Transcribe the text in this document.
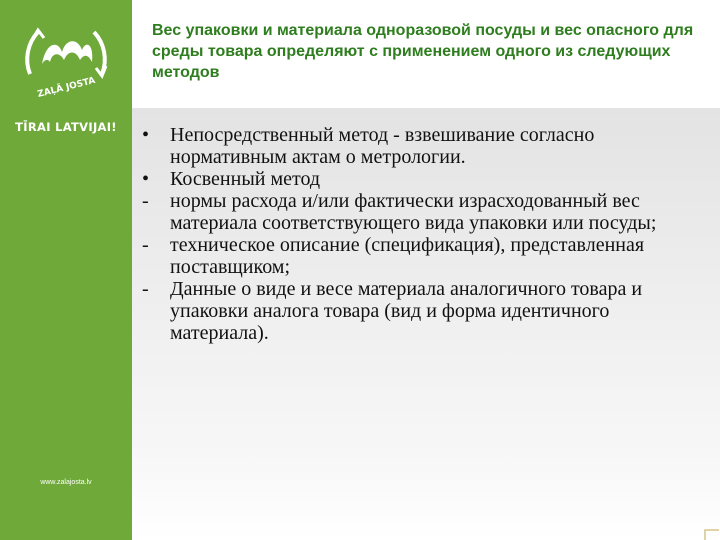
ZAĻĀ JOSTA
TĪRAI LATVIJAI!
www.zalajosta.lv
Вес упаковки и материала одноразовой посуды и вес опасного для среды товара определяют с применением одного из следующих методов

•	Непосредственный метод - взвешивание согласно нормативным актам о метрологии.

•	Косвенный метод

-	нормы расхода и/или фактически израсходованный вес материала соответствующего вида упаковки или посуды;

-	техническое описание (спецификация), представленная поставщиком;

-	Данные о виде и весе материала аналогичного товара и упаковки аналога товара (вид и форма идентичного материала).
